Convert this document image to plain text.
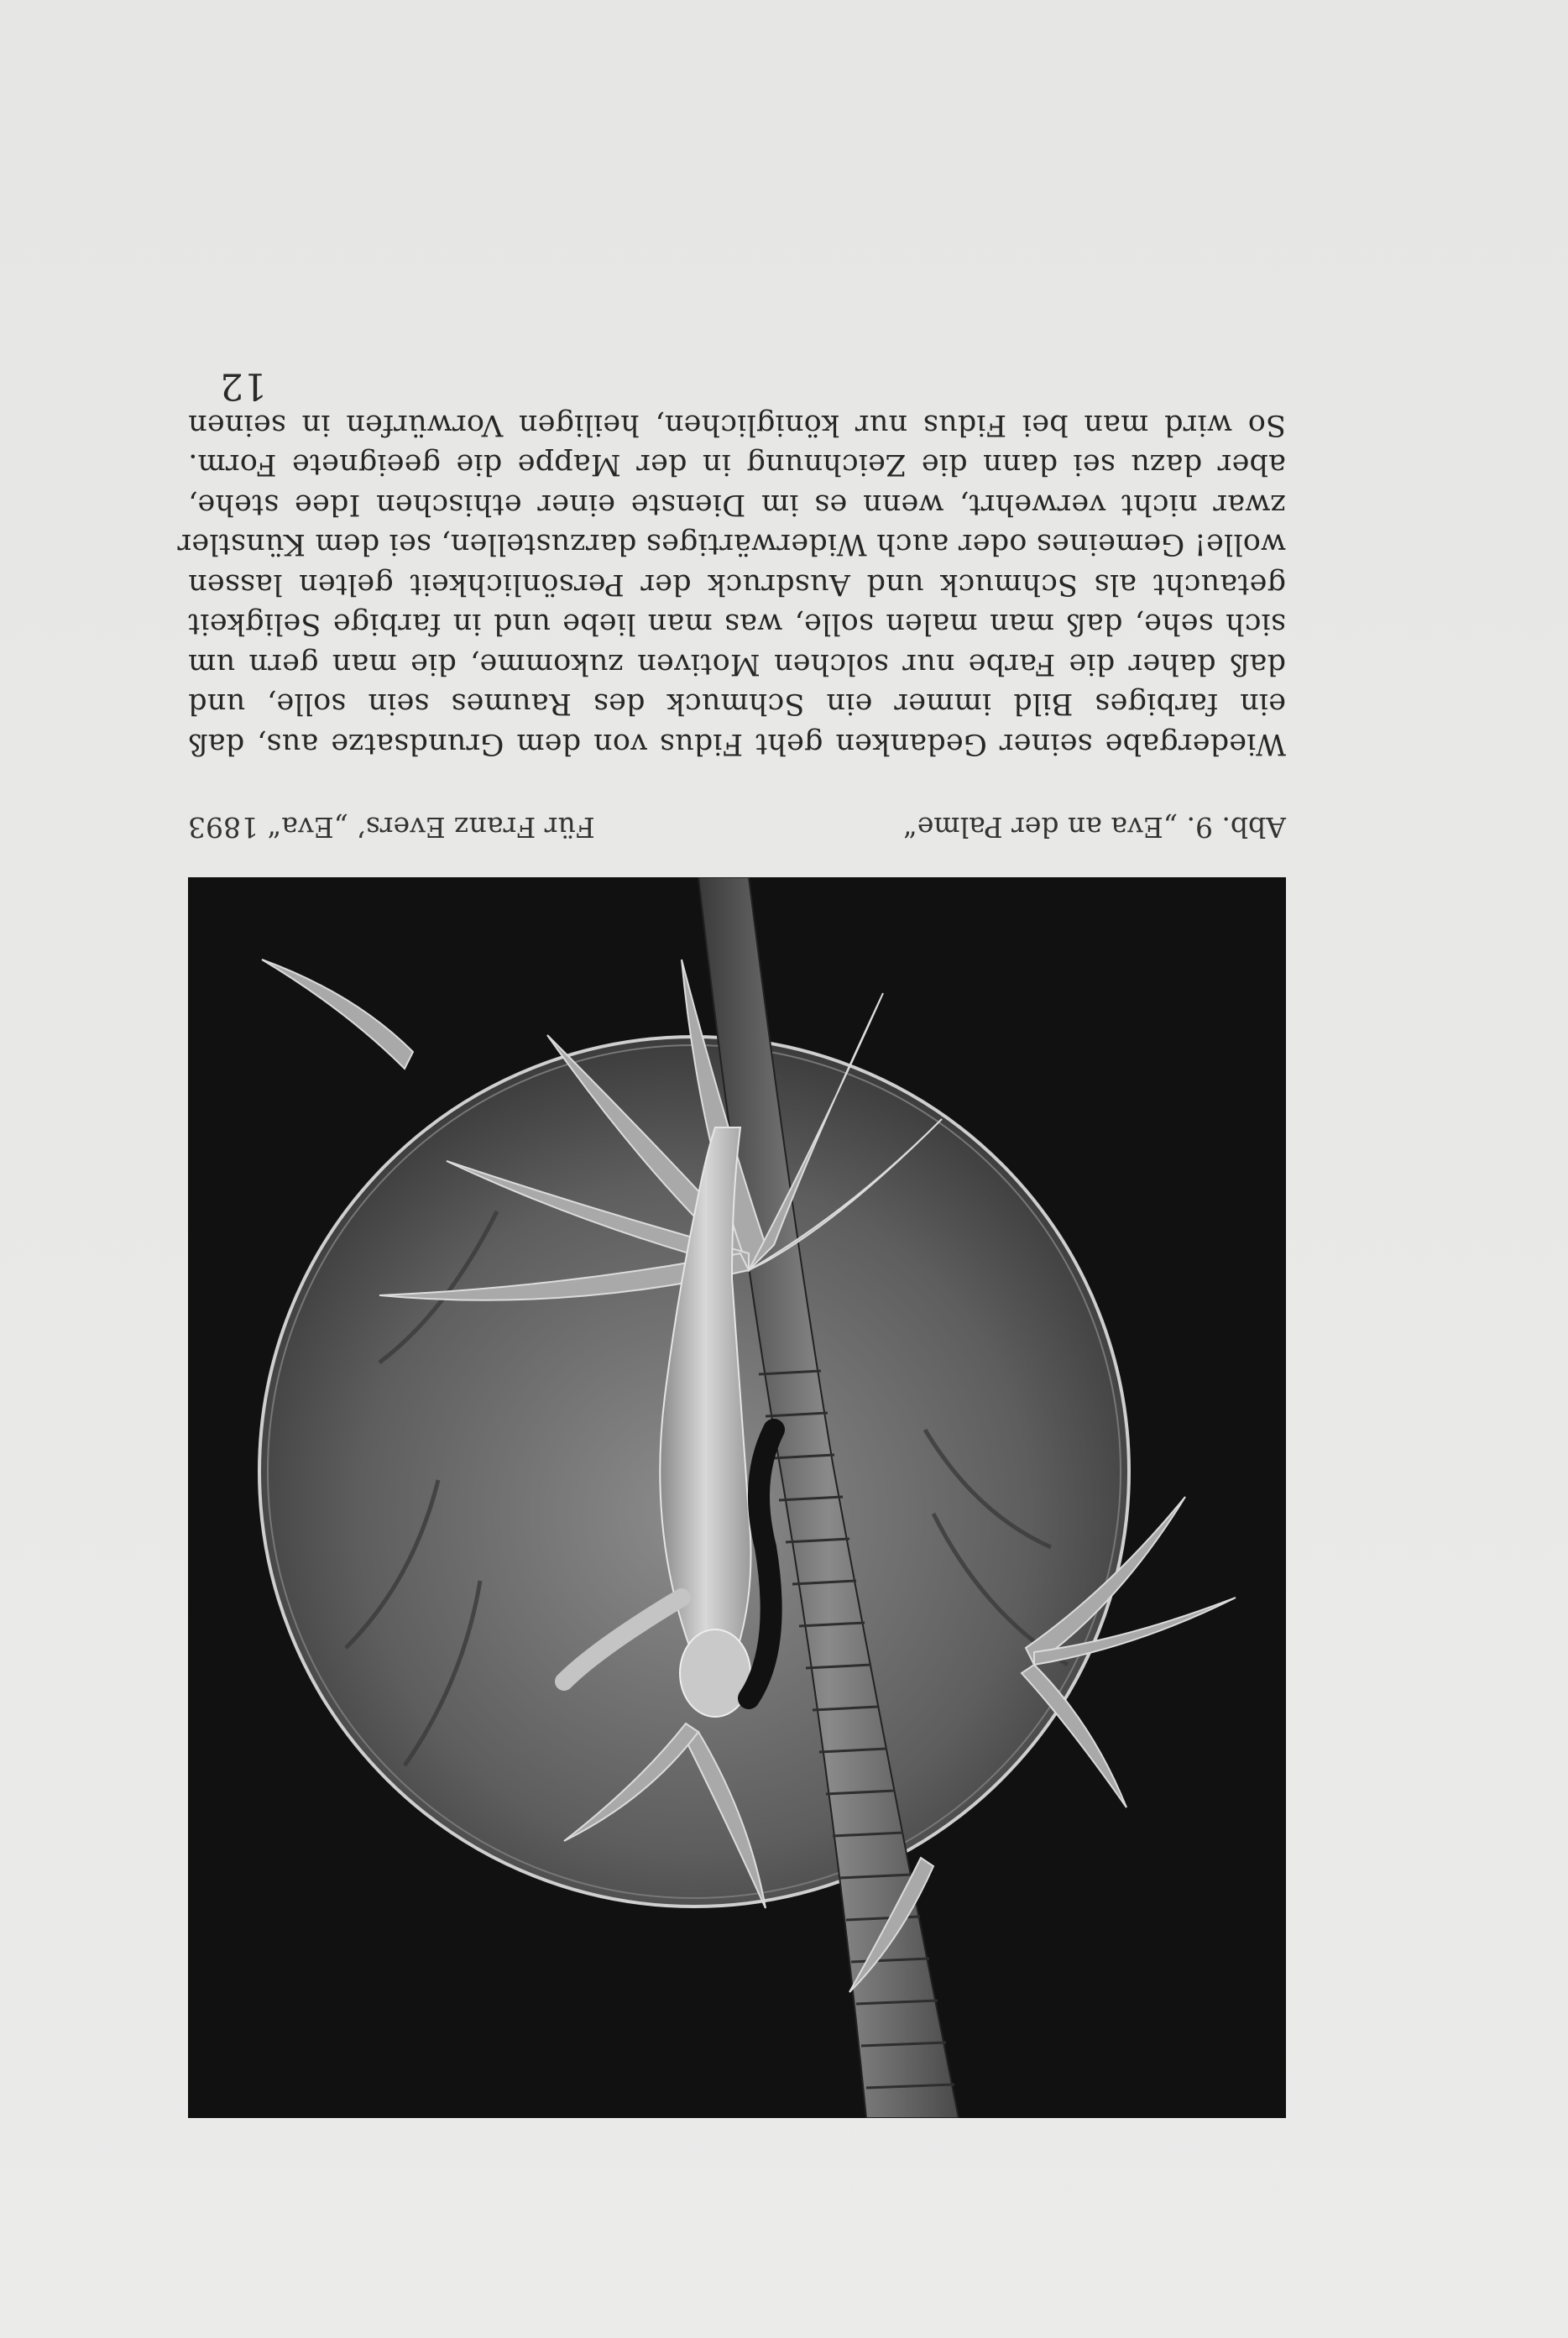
Abb. 9. „Eva an der Palme“
Für Franz Evers’ „Eva“ 1893
Wiedergabe seiner Gedanken geht Fidus von dem Grundsatze aus, daß
ein farbiges Bild immer ein Schmuck des Raumes sein solle, und
daß daher die Farbe nur solchen Motiven zukomme, die man gern um
sich sehe, daß man malen solle, was man liebe und in farbige Seligkeit
getaucht als Schmuck und Ausdruck der Persönlichkeit gelten lassen
wolle! Gemeines oder auch Widerwärtiges darzustellen, sei dem Künstler
zwar nicht verwehrt, wenn es im Dienste einer ethischen Idee stehe,
aber dazu sei dann die Zeichnung in der Mappe die geeignete Form.
So wird man bei Fidus nur königlichen, heiligen Vorwürfen in seinen
12
